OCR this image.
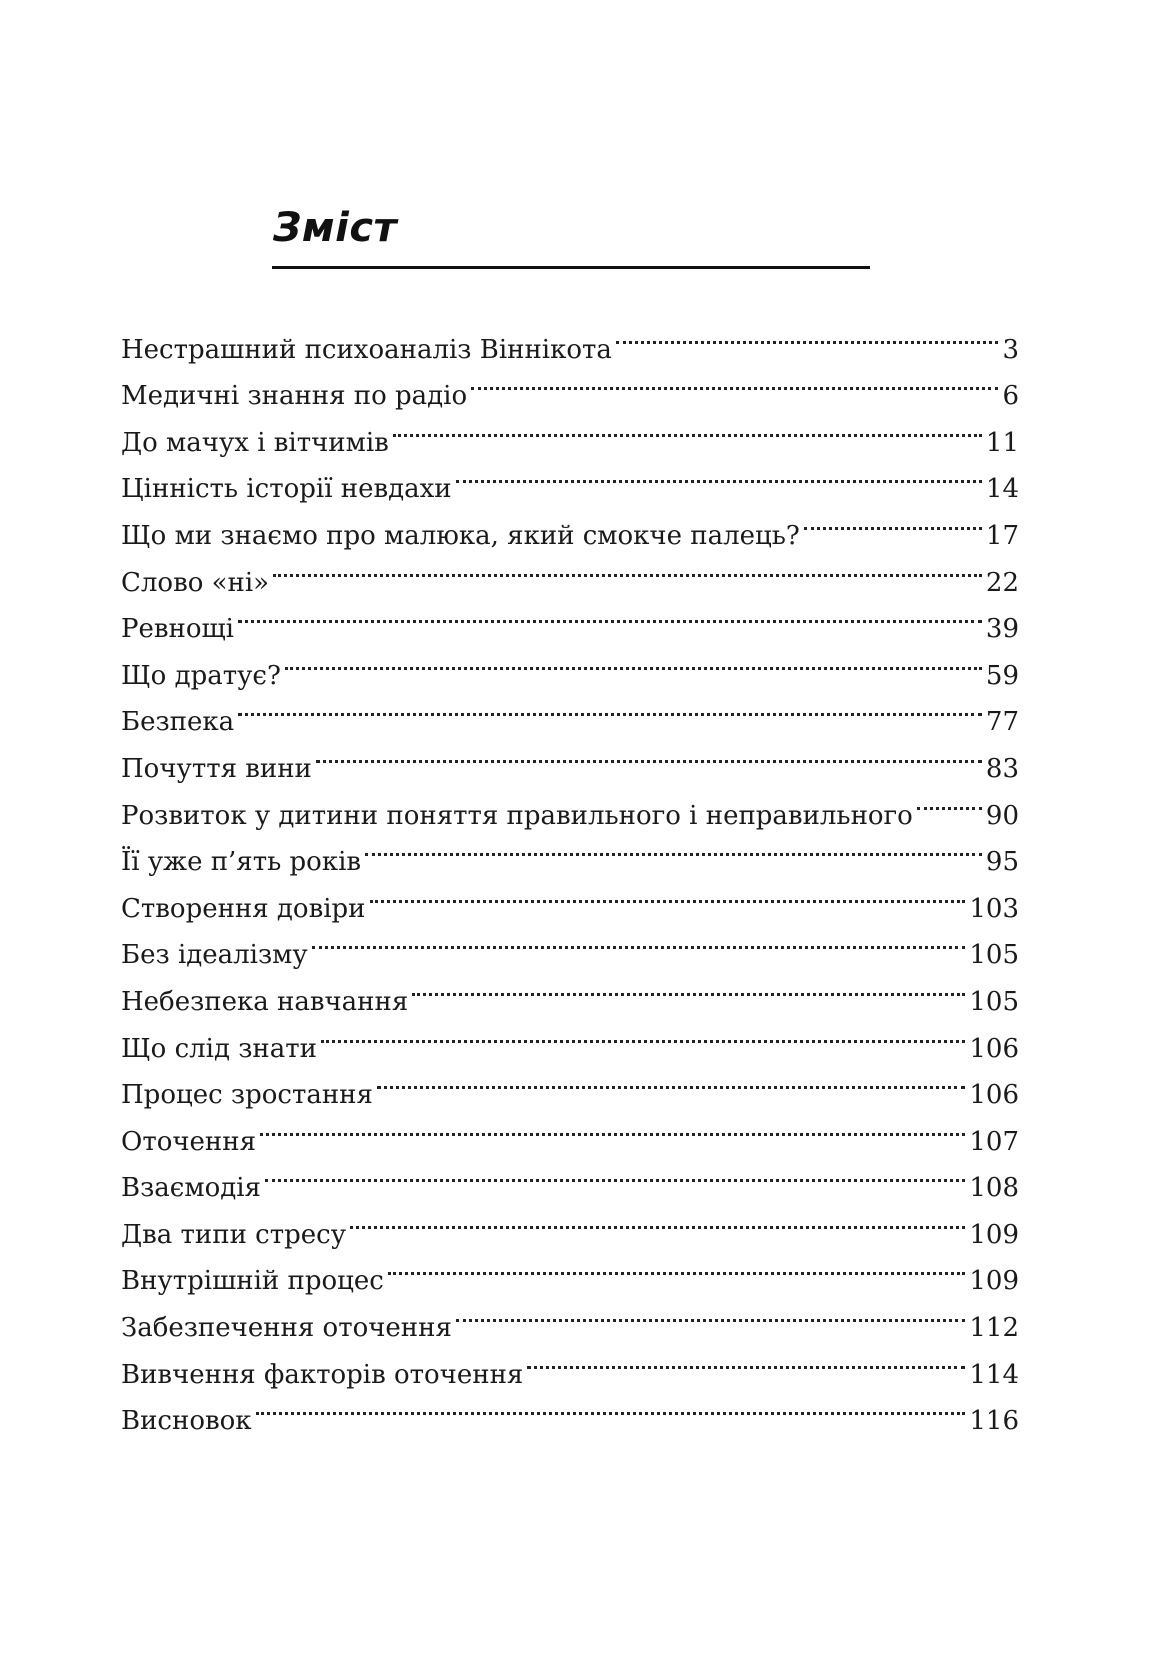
Зміст
Нестрашний психоаналіз Віннікота	3
Медичні знання по радіо	6
До мачух і вітчимів	11
Цінність історії невдахи	14
Що ми знаємо про малюка, який смокче палець?	17
Слово «ні»	22
Ревнощі	39
Що дратує?	59
Безпека	77
Почуття вини	83
Розвиток у дитини поняття правильного і неправильного	90
Її уже п’ять років	95
Створення довіри	103
Без ідеалізму	105
Небезпека навчання	105
Що слід знати	106
Процес зростання	106
Оточення	107
Взаємодія	108
Два типи стресу	109
Внутрішній процес	109
Забезпечення оточення	112
Вивчення факторів оточення	114
Висновок	116
